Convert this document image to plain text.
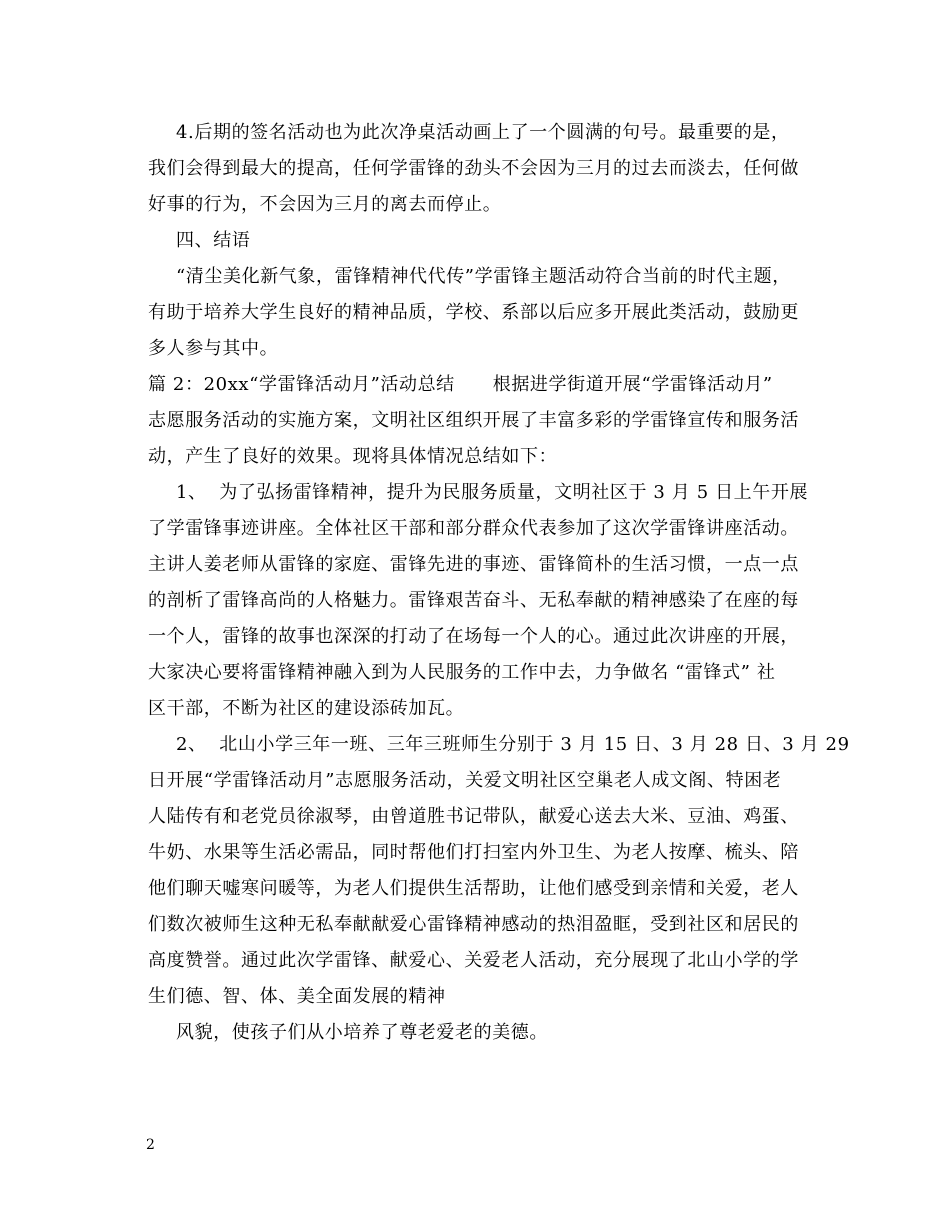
4.后期的签名活动也为此次净桌活动画上了一个圆满的句号。最重要的是，
我们会得到最大的提高，任何学雷锋的劲头不会因为三月的过去而淡去，任何做
好事的行为，不会因为三月的离去而停止。
四、结语
“清尘美化新气象，雷锋精神代代传”学雷锋主题活动符合当前的时代主题，
有助于培养大学生良好的精神品质，学校、系部以后应多开展此类活动，鼓励更
多人参与其中。
篇 2：20xx“学雷锋活动月”活动总结      根据进学街道开展“学雷锋活动月”
志愿服务活动的实施方案，文明社区组织开展了丰富多彩的学雷锋宣传和服务活
动，产生了良好的效果。现将具体情况总结如下：
1、  为了弘扬雷锋精神，提升为民服务质量，文明社区于 3 月 5 日上午开展
了学雷锋事迹讲座。全体社区干部和部分群众代表参加了这次学雷锋讲座活动。
主讲人姜老师从雷锋的家庭、雷锋先进的事迹、雷锋简朴的生活习惯，一点一点
的剖析了雷锋高尚的人格魅力。雷锋艰苦奋斗、无私奉献的精神感染了在座的每
一个人，雷锋的故事也深深的打动了在场每一个人的心。通过此次讲座的开展，
大家决心要将雷锋精神融入到为人民服务的工作中去，力争做名 “雷锋式” 社
区干部，不断为社区的建设添砖加瓦。
2、  北山小学三年一班、三年三班师生分别于 3 月 15 日、3 月 28 日、3 月 29
日开展“学雷锋活动月”志愿服务活动，关爱文明社区空巢老人成文阁、特困老
人陆传有和老党员徐淑琴，由曾道胜书记带队，献爱心送去大米、豆油、鸡蛋、
牛奶、水果等生活必需品，同时帮他们打扫室内外卫生、为老人按摩、梳头、陪
他们聊天嘘寒问暖等，为老人们提供生活帮助，让他们感受到亲情和关爱，老人
们数次被师生这种无私奉献献爱心雷锋精神感动的热泪盈眶，受到社区和居民的
高度赞誉。通过此次学雷锋、献爱心、关爱老人活动，充分展现了北山小学的学
生们德、智、体、美全面发展的精神
风貌，使孩子们从小培养了尊老爱老的美德。
2
